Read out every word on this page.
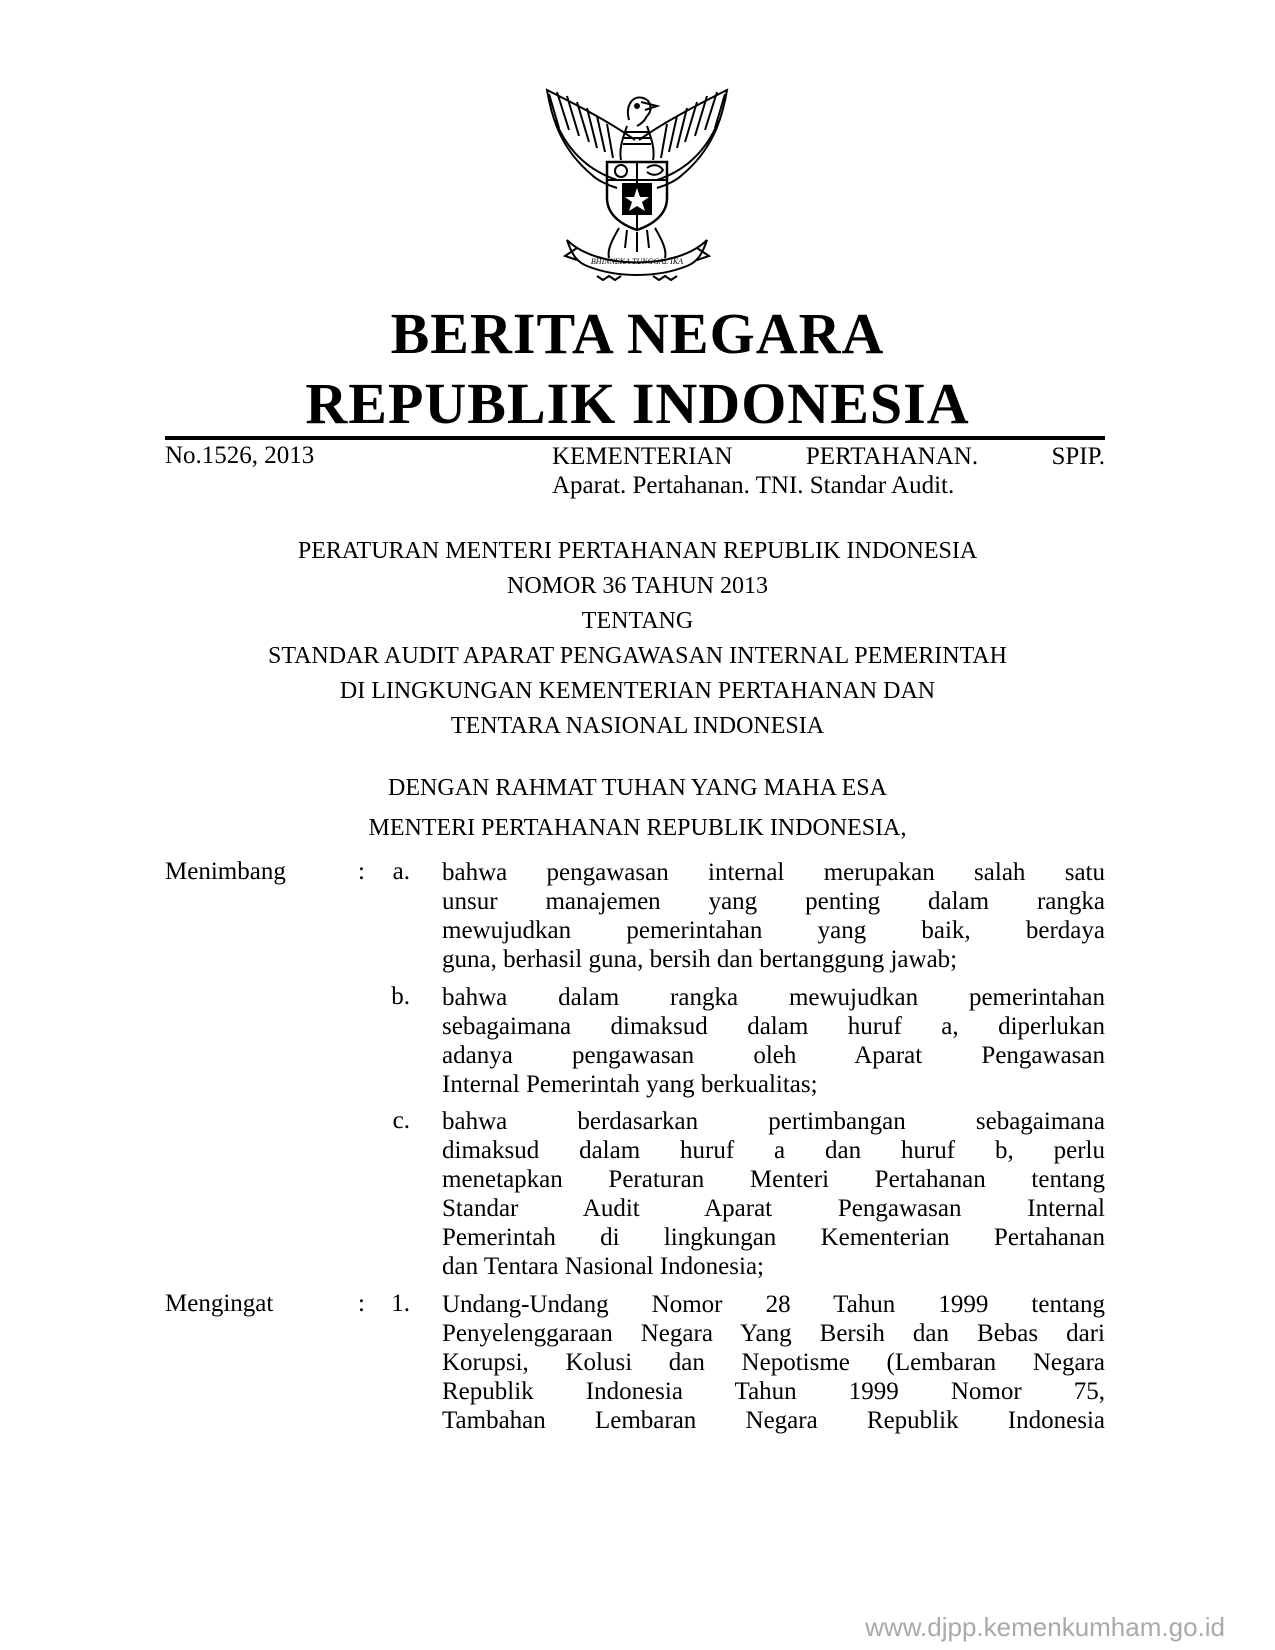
BHINNEKA TUNGGAL IKA
BERITA NEGARA
REPUBLIK INDONESIA
No.1526, 2013	KEMENTERIAN	PERTAHANAN.	SPIP.
Aparat. Pertahanan. TNI. Standar Audit.
PERATURAN MENTERI PERTAHANAN REPUBLIK INDONESIA
NOMOR 36 TAHUN 2013
TENTANG
STANDAR AUDIT APARAT PENGAWASAN INTERNAL PEMERINTAH
DI LINGKUNGAN KEMENTERIAN PERTAHANAN DAN
TENTARA NASIONAL INDONESIA
DENGAN RAHMAT TUHAN YANG MAHA ESA
MENTERI PERTAHANAN REPUBLIK INDONESIA,
Menimbang	:	a. bahwa pengawasan internal merupakan salah satu
unsur manajemen yang penting dalam rangka
mewujudkan pemerintahan yang baik, berdaya
guna, berhasil guna, bersih dan bertanggung jawab;
b. bahwa dalam rangka mewujudkan pemerintahan
sebagaimana dimaksud dalam huruf a, diperlukan
adanya pengawasan oleh Aparat Pengawasan
Internal Pemerintah yang berkualitas;
c. bahwa berdasarkan pertimbangan sebagaimana
dimaksud dalam huruf a dan huruf b, perlu
menetapkan Peraturan Menteri Pertahanan tentang
Standar Audit Aparat Pengawasan Internal
Pemerintah di lingkungan Kementerian Pertahanan
dan Tentara Nasional Indonesia;
Mengingat	:	1. Undang-Undang Nomor 28 Tahun 1999 tentang
Penyelenggaraan Negara Yang Bersih dan Bebas dari
Korupsi, Kolusi dan Nepotisme (Lembaran Negara
Republik Indonesia Tahun 1999 Nomor 75,
Tambahan Lembaran Negara Republik Indonesia
www.djpp.kemenkumham.go.id
